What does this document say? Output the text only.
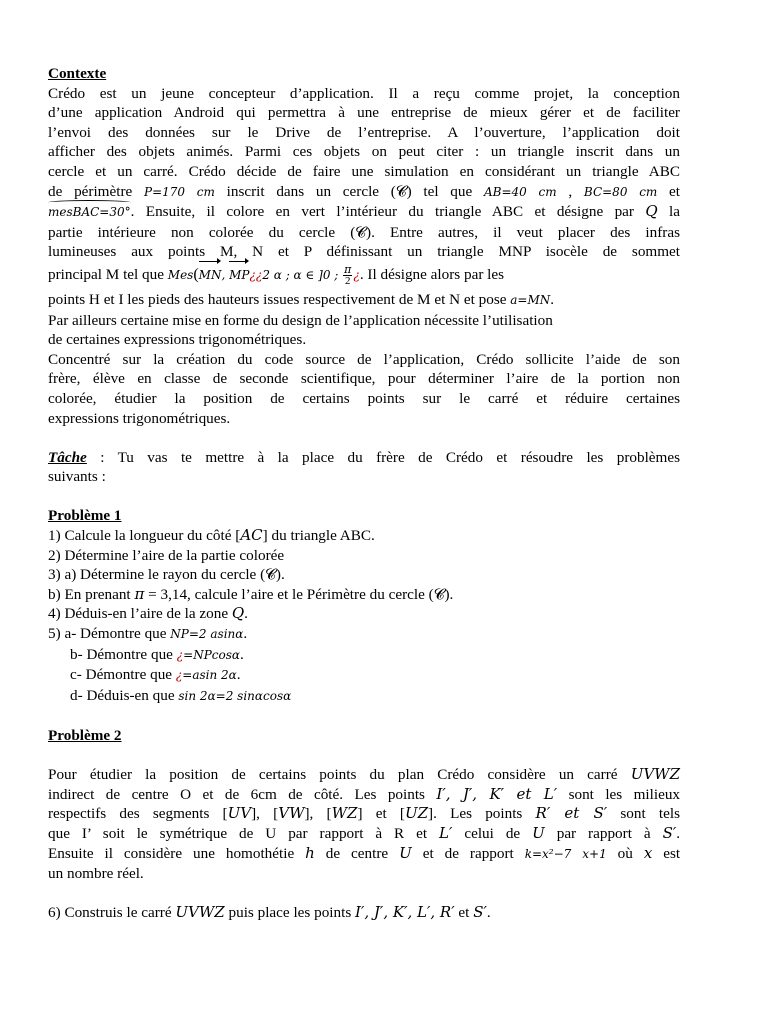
Contexte
Crédo est un jeune concepteur d’application. Il a reçu comme projet, la conception
d’une application Android qui permettra à une entreprise de mieux gérer et de faciliter
l’envoi des données sur le Drive de l’entreprise. A l’ouverture, l’application doit
afficher des objets animés. Parmi ces objets on peut citer : un triangle inscrit dans un
cercle et un carré. Crédo décide de faire une simulation en considérant un triangle ABC
de périmètre P=170 cm inscrit dans un cercle (𝓒) tel que AB=40 cm , BC=80 cm et
mesBAC=30°. Ensuite, il colore en vert l’intérieur du triangle ABC et désigne par Q la
partie intérieure non colorée du cercle (𝓒). Entre autres, il veut placer des infras
lumineuses aux points M, N et P définissant un triangle MNP isocèle de sommet
principal M tel que Mes(MN, MP¿¿2 α ; α ∈ ]0 ; $\frac{\pi}{2}$ ¿. Il désigne alors par les
points H et I les pieds des hauteurs issues respectivement de M et N et pose a=MN.
Par ailleurs certaine mise en forme du design de l’application nécessite l’utilisation
de certaines expressions trigonométriques.
Concentré sur la création du code source de l’application, Crédo sollicite l’aide de son
frère, élève en classe de seconde scientifique, pour déterminer l’aire de la portion non
colorée, étudier la position de certains points sur le carré et réduire certaines
expressions trigonométriques.
Tâche : Tu vas te mettre à la place du frère de Crédo et résoudre les problèmes
suivants :
Problème 1
1) Calcule la longueur du côté [AC] du triangle ABC.
2) Détermine l’aire de la partie colorée
3) a) Détermine le rayon du cercle (𝓒).
b) En prenant π = 3,14, calcule l’aire et le Périmètre du cercle (𝓒).
4) Déduis-en l’aire de la zone Q.
5) a- Démontre que NP=2 asinα.
b- Démontre que ¿=NPcosα.
c- Démontre que ¿=asin 2α.
d- Déduis-en que sin 2α=2 sinαcosα
Problème 2
Pour étudier la position de certains points du plan Crédo considère un carré UVWZ
indirect de centre O et de 6cm de côté. Les points I′, J′, K′ et L′ sont les milieux
respectifs des segments [UV], [VW], [WZ] et [UZ]. Les points R′ et S′ sont tels
que I’ soit le symétrique de U par rapport à R et L′ celui de U par rapport à S′.
Ensuite il considère une homothétie h de centre U et de rapport k=x²−7 x+1 où x est
un nombre réel.
6) Construis le carré UVWZ puis place les points I′, J′, K′, L′, R′ et S′.
